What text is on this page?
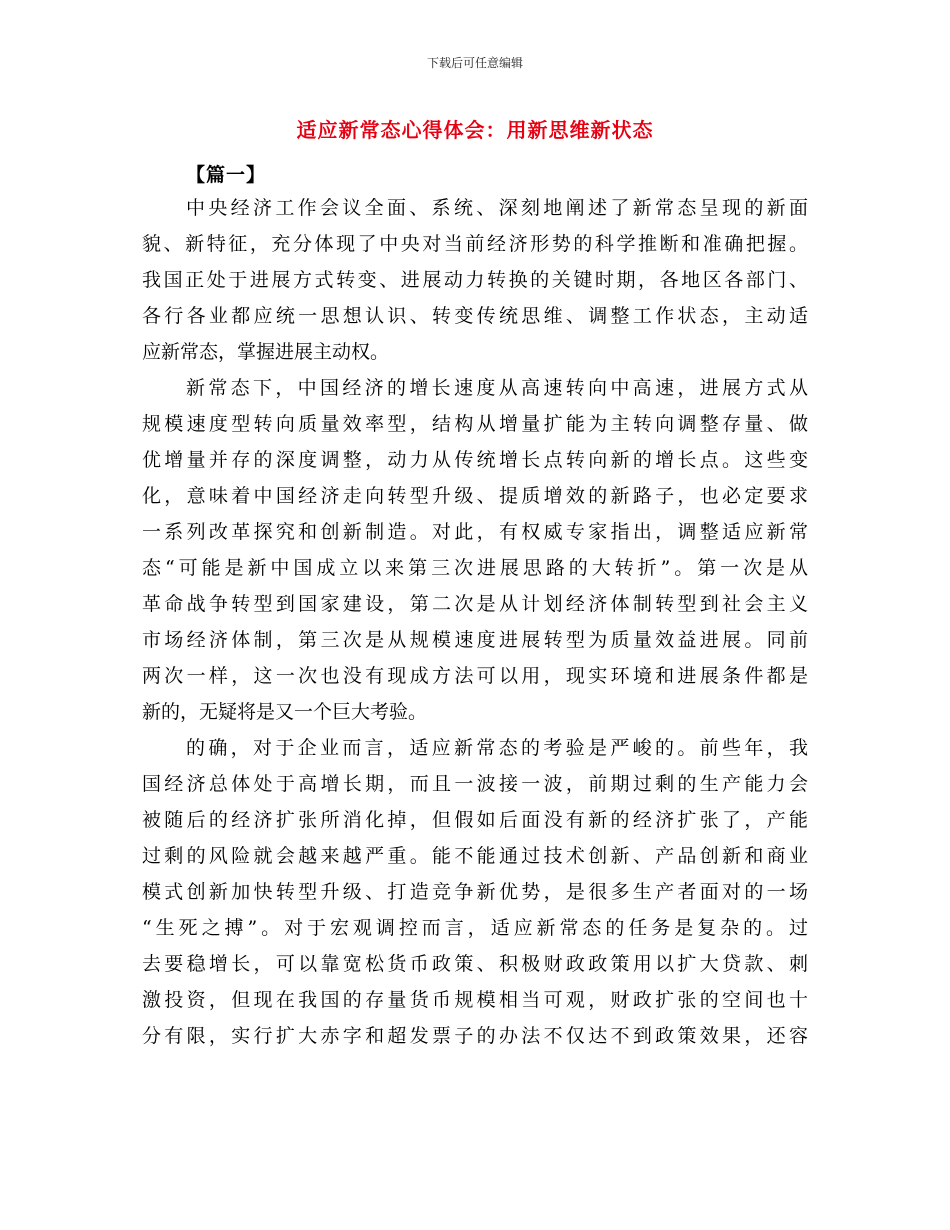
下载后可任意编辑
适应新常态心得体会：用新思维新状态
【篇一】
中央经济工作会议全面、系统、深刻地阐述了新常态呈现的新面
貌、新特征，充分体现了中央对当前经济形势的科学推断和准确把握。
我国正处于进展方式转变、进展动力转换的关键时期，各地区各部门、
各行各业都应统一思想认识、转变传统思维、调整工作状态，主动适
应新常态，掌握进展主动权。
新常态下，中国经济的增长速度从高速转向中高速，进展方式从
规模速度型转向质量效率型，结构从增量扩能为主转向调整存量、做
优增量并存的深度调整，动力从传统增长点转向新的增长点。这些变
化，意味着中国经济走向转型升级、提质增效的新路子，也必定要求
一系列改革探究和创新制造。对此，有权威专家指出，调整适应新常
态“可能是新中国成立以来第三次进展思路的大转折”。第一次是从
革命战争转型到国家建设，第二次是从计划经济体制转型到社会主义
市场经济体制，第三次是从规模速度进展转型为质量效益进展。同前
两次一样，这一次也没有现成方法可以用，现实环境和进展条件都是
新的，无疑将是又一个巨大考验。
的确，对于企业而言，适应新常态的考验是严峻的。前些年，我
国经济总体处于高增长期，而且一波接一波，前期过剩的生产能力会
被随后的经济扩张所消化掉，但假如后面没有新的经济扩张了，产能
过剩的风险就会越来越严重。能不能通过技术创新、产品创新和商业
模式创新加快转型升级、打造竞争新优势，是很多生产者面对的一场
“生死之搏”。对于宏观调控而言，适应新常态的任务是复杂的。过
去要稳增长，可以靠宽松货币政策、积极财政政策用以扩大贷款、刺
激投资，但现在我国的存量货币规模相当可观，财政扩张的空间也十
分有限，实行扩大赤字和超发票子的办法不仅达不到政策效果，还容
